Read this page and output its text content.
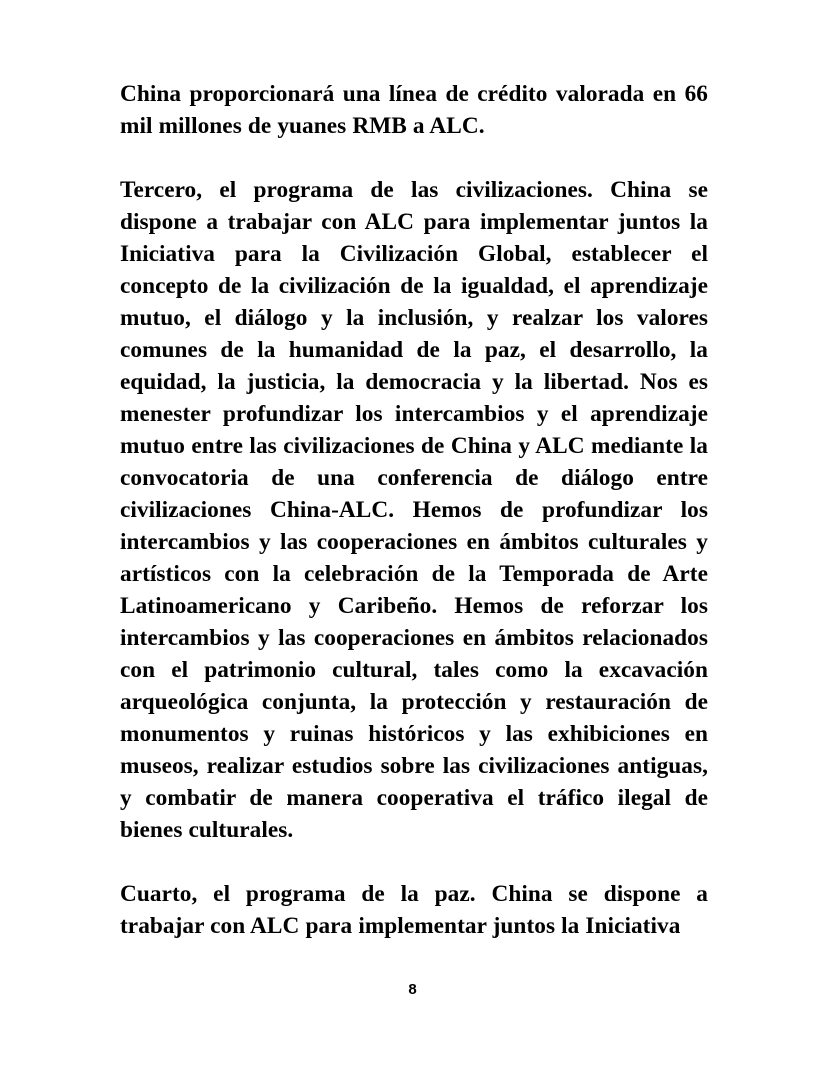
China proporcionará una línea de crédito valorada en 66 mil millones de yuanes RMB a ALC.

Tercero, el programa de las civilizaciones. China se dispone a trabajar con ALC para implementar juntos la Iniciativa para la Civilización Global, establecer el concepto de la civilización de la igualdad, el aprendizaje mutuo, el diálogo y la inclusión, y realzar los valores comunes de la humanidad de la paz, el desarrollo, la equidad, la justicia, la democracia y la libertad. Nos es menester profundizar los intercambios y el aprendizaje mutuo entre las civilizaciones de China y ALC mediante la convocatoria de una conferencia de diálogo entre civilizaciones China-ALC. Hemos de profundizar los intercambios y las cooperaciones en ámbitos culturales y artísticos con la celebración de la Temporada de Arte Latinoamericano y Caribeño. Hemos de reforzar los intercambios y las cooperaciones en ámbitos relacionados con el patrimonio cultural, tales como la excavación arqueológica conjunta, la protección y restauración de monumentos y ruinas históricos y las exhibiciones en museos, realizar estudios sobre las civilizaciones antiguas, y combatir de manera cooperativa el tráfico ilegal de bienes culturales.

Cuarto, el programa de la paz. China se dispone a trabajar con ALC para implementar juntos la Iniciativa

8
